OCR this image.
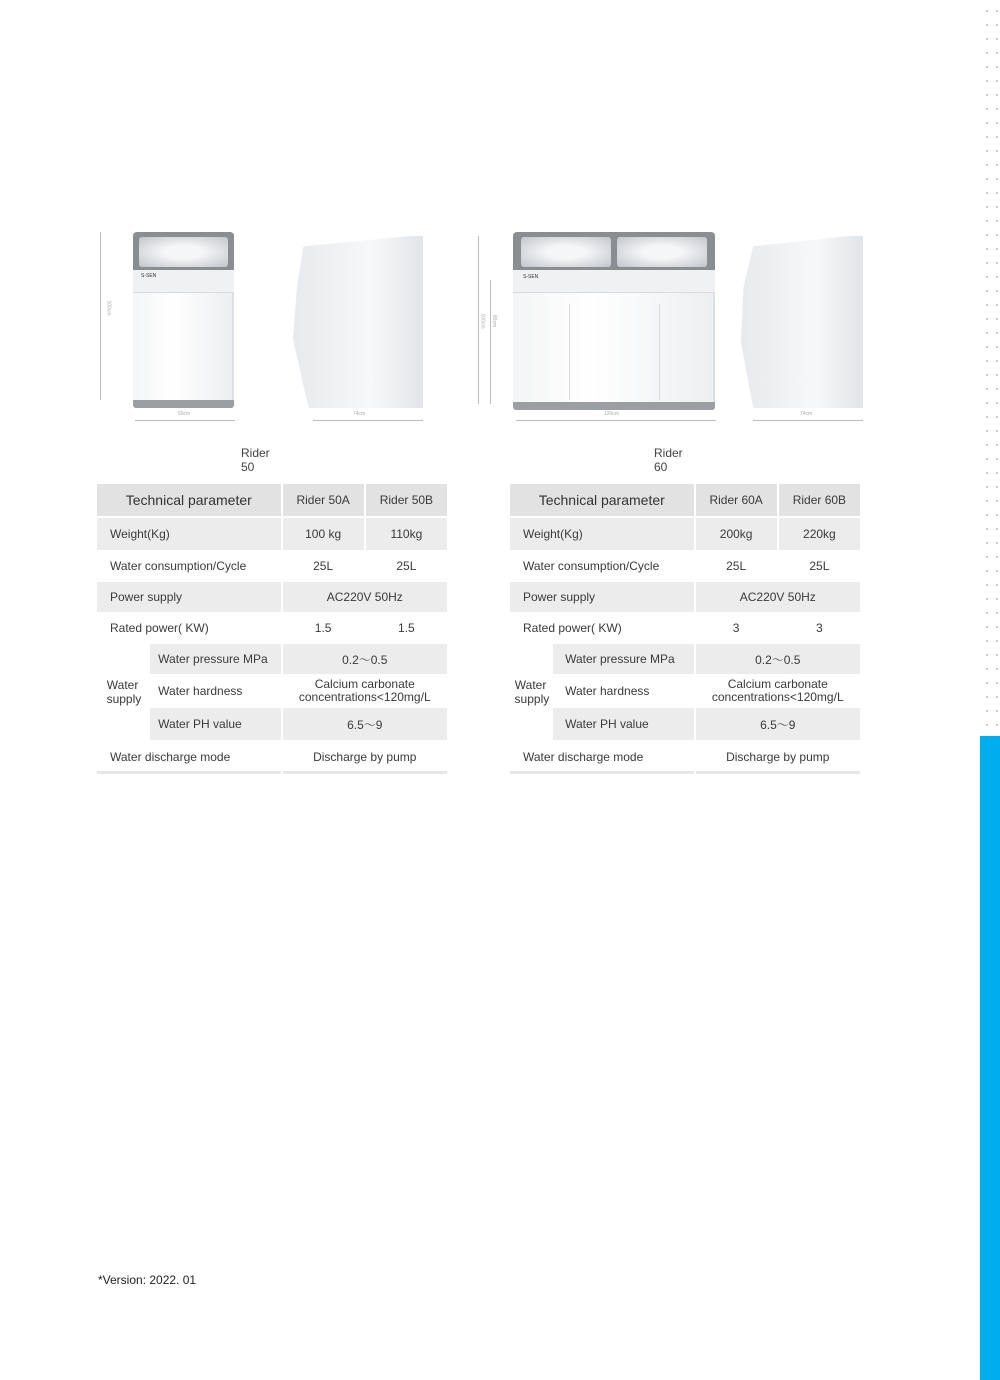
100cm
S-SEN
65cm	74cm
Rider 50
100cm 85cm
S-SEN
120cm	74cm
Rider 60
Technical parameter		Rider 50A	Rider 50B
Weight(Kg)		100 kg	110kg
Water consumption/Cycle		25L	25L
Power supply		AC220V 50Hz	
Rated power( KW)		1.5	1.5
Water supply	Water pressure MPa	0.2～0.5	
	Water hardness	Calcium carbonate concentrations<120mg/L	
	Water PH value	6.5～9	
Water discharge mode		Discharge by pump	
Technical parameter		Rider 60A	Rider 60B
Weight(Kg)		200kg	220kg
Water consumption/Cycle		25L	25L
Power supply		AC220V 50Hz	
Rated power( KW)		3	3
Water supply	Water pressure MPa	0.2～0.5	
	Water hardness	Calcium carbonate concentrations<120mg/L	
	Water PH value	6.5～9	
Water discharge mode		Discharge by pump	
*Version: 2022. 01
